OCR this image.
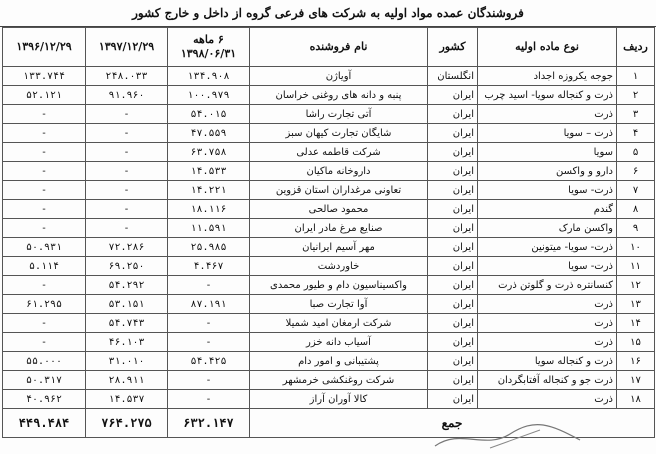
فروشندگان عمده مواد اولیه به شرکت های فرعی گروه از داخل و خارج کشور
ردیف	نوع ماده اولیه	کشور	نام فروشنده	۶ ماهه ۱۳۹۸/۰۶/۳۱	۱۳۹۷/۱۲/۲۹	۱۳۹۶/۱۲/۲۹
۱	جوجه یکروزه اجداد	انگلستان	آویاژن	۱۳۴.۹۰۸	۲۴۸.۰۳۳	۱۳۳.۷۴۴
۲	ذرت و کنجاله سویا- اسید چرب	ایران	پنبه و دانه های روغنی خراسان	۱۰۰.۹۷۹	۹۱.۹۶۰	۵۲.۱۲۱
۳	ذرت	ایران	آتی تجارت راشا	۵۴.۰۱۵	-	-
۴	ذرت – سویا	ایران	شایگان تجارت کیهان سبز	۴۷.۵۵۹	-	-
۵	سویا	ایران	شرکت قاطمه عدلی	۶۳.۷۵۸	-	-
۶	دارو و واکسن	ایران	داروخانه ماکیان	۱۴.۵۳۳	-	-
۷	ذرت- سویا	ایران	تعاونی مرغداران استان قزوین	۱۴.۲۲۱	-	-
۸	گندم	ایران	محمود صالحی	۱۸.۱۱۶	-	-
۹	واکسن مارک	ایران	صنایع مرغ مادر ایران	۱۱.۵۹۱	-	-
۱۰	ذرت- سویا- میتونین	ایران	مهر آسیم ایرانیان	۲۵.۹۸۵	۷۲.۲۸۶	۵۰.۹۳۱
۱۱	ذرت- سویا	ایران	خاوردشت	۴.۴۶۷	۶۹.۲۵۰	۵.۱۱۴
۱۲	کنسانتره ذرت و گلوتن ذرت	ایران	واکسیناسیون دام و طیور محمدی	-	۵۴.۲۹۲	-
۱۳	ذرت	ایران	آوا تجارت صبا	۸۷.۱۹۱	۵۳.۱۵۱	۶۱.۲۹۵
۱۴	ذرت	ایران	شرکت ارمغان امید شمیلا	-	۵۴.۷۴۳	-
۱۵	ذرت	ایران	آسیاب دانه خزر	-	۴۶.۱۰۳	-
۱۶	ذرت و کنجاله سویا	ایران	پشتیبانی و امور دام	۵۴.۴۲۵	۳۱.۰۱۰	۵۵.۰۰۰
۱۷	ذرت جو و کنجاله آفتابگردان	ایران	شرکت روغنکشی خرمشهر	-	۲۸.۹۱۱	۵۰.۳۱۷
۱۸	ذرت	ایران	کالا آوران آراز	-	۱۴.۵۳۷	۴۰.۹۶۲
جمع				۶۳۲.۱۴۷	۷۶۴.۲۷۵	۴۴۹.۴۸۴
